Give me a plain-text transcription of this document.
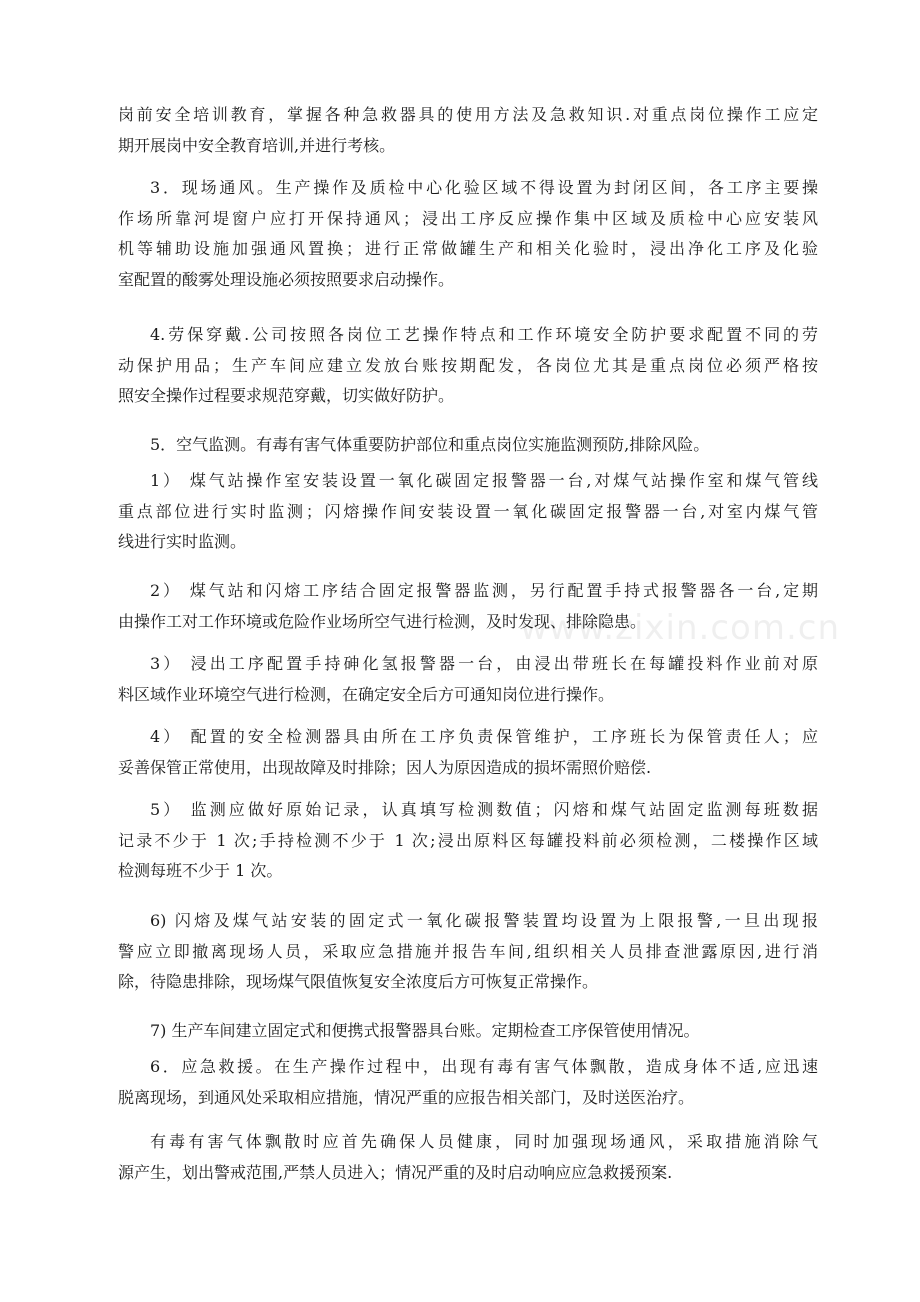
www.zixin.com.cn
岗前安全培训教育，掌握各种急救器具的使用方法及急救知识.对重点岗位操作工应定
期开展岗中安全教育培训,并进行考核。
3．现场通风。生产操作及质检中心化验区域不得设置为封闭区间，各工序主要操
作场所靠河堤窗户应打开保持通风；浸出工序反应操作集中区域及质检中心应安装风
机等辅助设施加强通风置换；进行正常做罐生产和相关化验时，浸出净化工序及化验
室配置的酸雾处理设施必须按照要求启动操作。
4.劳保穿戴.公司按照各岗位工艺操作特点和工作环境安全防护要求配置不同的劳
动保护用品；生产车间应建立发放台账按期配发，各岗位尤其是重点岗位必须严格按
照安全操作过程要求规范穿戴，切实做好防护。
5．空气监测。有毒有害气体重要防护部位和重点岗位实施监测预防,排除风险。
1） 煤气站操作室安装设置一氧化碳固定报警器一台,对煤气站操作室和煤气管线
重点部位进行实时监测；闪熔操作间安装设置一氧化碳固定报警器一台,对室内煤气管
线进行实时监测。
2） 煤气站和闪熔工序结合固定报警器监测，另行配置手持式报警器各一台,定期
由操作工对工作环境或危险作业场所空气进行检测，及时发现、排除隐患。
3） 浸出工序配置手持砷化氢报警器一台，由浸出带班长在每罐投料作业前对原
料区域作业环境空气进行检测，在确定安全后方可通知岗位进行操作。
4） 配置的安全检测器具由所在工序负责保管维护，工序班长为保管责任人；应
妥善保管正常使用，出现故障及时排除；因人为原因造成的损坏需照价赔偿.
5） 监测应做好原始记录，认真填写检测数值；闪熔和煤气站固定监测每班数据
记录不少于 1 次;手持检测不少于 1 次;浸出原料区每罐投料前必须检测，二楼操作区域
检测每班不少于 1 次。
6) 闪熔及煤气站安装的固定式一氧化碳报警装置均设置为上限报警,一旦出现报
警应立即撤离现场人员，采取应急措施并报告车间,组织相关人员排查泄露原因,进行消
除，待隐患排除，现场煤气限值恢复安全浓度后方可恢复正常操作。
7) 生产车间建立固定式和便携式报警器具台账。定期检查工序保管使用情况。
6．应急救援。在生产操作过程中，出现有毒有害气体飘散，造成身体不适,应迅速
脱离现场，到通风处采取相应措施，情况严重的应报告相关部门，及时送医治疗。
有毒有害气体飘散时应首先确保人员健康，同时加强现场通风，采取措施消除气
源产生，划出警戒范围,严禁人员进入；情况严重的及时启动响应应急救援预案.
